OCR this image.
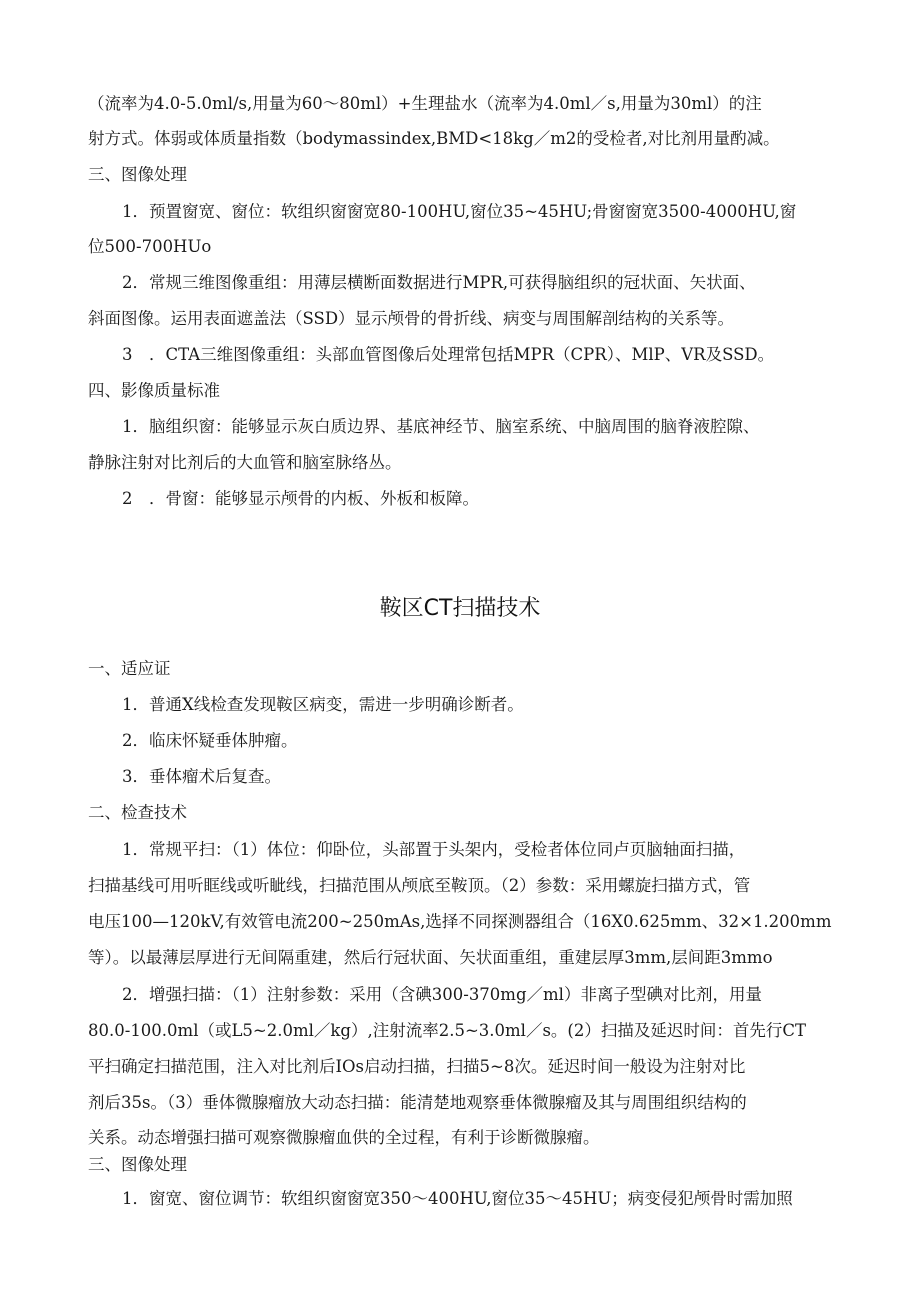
（流率为4.0-5.0ml/s,用量为60～80ml）+生理盐水（流率为4.0ml／s,用量为30ml）的注
射方式。体弱或体质量指数（bodymassindex,BMD<18kg／m2的受检者,对比剂用量酌减。
三、图像处理
1．预置窗宽、窗位：软组织窗窗宽80-100HU,窗位35~45HU;骨窗窗宽3500-4000HU,窗
位500-700HUo
2．常规三维图像重组：用薄层横断面数据进行MPR,可获得脑组织的冠状面、矢状面、
斜面图像。运用表面遮盖法（SSD）显示颅骨的骨折线、病变与周围解剖结构的关系等。
3　．CTA三维图像重组：头部血管图像后处理常包括MPR（CPR）、MlP、VR及SSD。
四、影像质量标准
1．脑组织窗：能够显示灰白质边界、基底神经节、脑室系统、中脑周围的脑脊液腔隙、
静脉注射对比剂后的大血管和脑室脉络丛。
2　．骨窗：能够显示颅骨的内板、外板和板障。
鞍区CT扫描技术
一、适应证
1．普通X线检查发现鞍区病变，需进一步明确诊断者。
2．临床怀疑垂体肿瘤。
3．垂体瘤术后复查。
二、检查技术
1．常规平扫：（1）体位：仰卧位，头部置于头架内，受检者体位同卢页脑轴面扫描，
扫描基线可用听眶线或听眦线，扫描范围从颅底至鞍顶。（2）参数：采用螺旋扫描方式，管
电压100—120kV,有效管电流200~250mAs,选择不同探测器组合（16X0.625mm、32×1.200mm
等）。以最薄层厚进行无间隔重建，然后行冠状面、矢状面重组，重建层厚3mm,层间距3mmo
2．增强扫描：（1）注射参数：采用（含碘300-370mg／ml）非离子型碘对比剂，用量
80.0-100.0ml（或L5~2.0ml／kg）,注射流率2.5~3.0ml／s。(2）扫描及延迟时间：首先行CT
平扫确定扫描范围，注入对比剂后IOs启动扫描，扫描5~8次。延迟时间一般设为注射对比
剂后35s。（3）垂体微腺瘤放大动态扫描：能清楚地观察垂体微腺瘤及其与周围组织结构的
关系。动态增强扫描可观察微腺瘤血供的全过程，有利于诊断微腺瘤。
三、图像处理
1．窗宽、窗位调节：软组织窗窗宽350～400HU,窗位35～45HU；病变侵犯颅骨时需加照
